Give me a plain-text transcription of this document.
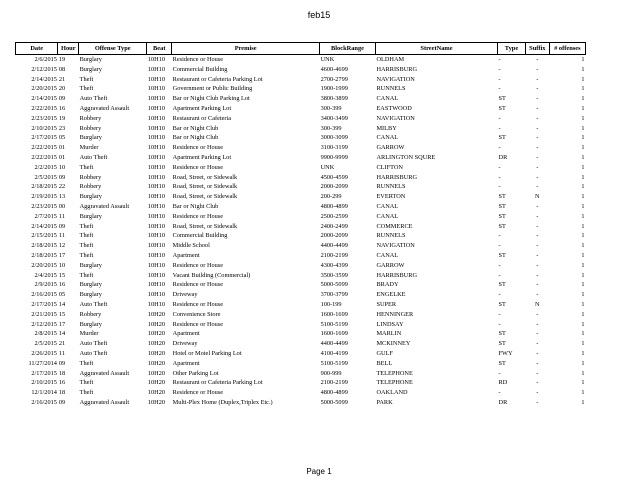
feb15
Date	Hour	Offense Type	Beat	Premise	BlockRange	StreetName	Type	Suffix	# offenses
2/6/2015	19	Burglary	10H10	Residence or House	UNK	OLDHAM	-	-	1
2/12/2015	08	Burglary	10H10	Commercial Building	4600-4699	HARRISBURG	-	-	1
2/14/2015	21	Theft	10H10	Restaurant or Cafeteria Parking Lot	2700-2799	NAVIGATION	-	-	1
2/20/2015	20	Theft	10H10	Government or Public Building	1900-1999	RUNNELS	-	-	1
2/14/2015	09	Auto Theft	10H10	Bar or Night Club Parking Lot	3800-3899	CANAL	ST	-	1
2/22/2015	16	Aggravated Assault	10H10	Apartment Parking Lot	300-399	EASTWOOD	ST	-	1
2/23/2015	19	Robbery	10H10	Restaurant or Cafeteria	3400-3499	NAVIGATION	-	-	1
2/10/2015	23	Robbery	10H10	Bar or Night Club	300-399	MILBY	-	-	1
2/17/2015	05	Burglary	10H10	Bar or Night Club	3000-3099	CANAL	ST	-	1
2/22/2015	01	Murder	10H10	Residence or House	3100-3199	GARROW	-	-	1
2/22/2015	01	Auto Theft	10H10	Apartment Parking Lot	9900-9999	ARLINGTON SQURE	DR	-	1
2/2/2015	10	Theft	10H10	Residence or House	UNK	CLIFTON	-	-	1
2/5/2015	09	Robbery	10H10	Road, Street, or Sidewalk	4500-4599	HARRISBURG	-	-	1
2/18/2015	22	Robbery	10H10	Road, Street, or Sidewalk	2000-2099	RUNNELS	-	-	1
2/19/2015	13	Burglary	10H10	Road, Street, or Sidewalk	200-299	EVERTON	ST	N	1
2/23/2015	00	Aggravated Assault	10H10	Bar or Night Club	4800-4899	CANAL	ST	-	1
2/7/2015	11	Burglary	10H10	Residence or House	2500-2599	CANAL	ST	-	1
2/14/2015	09	Theft	10H10	Road, Street, or Sidewalk	2400-2499	COMMERCE	ST	-	1
2/15/2015	11	Theft	10H10	Commercial Building	2000-2099	RUNNELS	-	-	1
2/18/2015	12	Theft	10H10	Middle School	4400-4499	NAVIGATION	-	-	1
2/18/2015	17	Theft	10H10	Apartment	2100-2199	CANAL	ST	-	1
2/20/2015	10	Burglary	10H10	Residence or House	4300-4399	GARROW	-	-	1
2/4/2015	15	Theft	10H10	Vacant Building (Commercial)	3500-3599	HARRISBURG	-	-	1
2/9/2015	16	Burglary	10H10	Residence or House	5000-5099	BRADY	ST	-	1
2/16/2015	05	Burglary	10H10	Driveway	3700-3799	ENGELKE	-	-	1
2/17/2015	14	Auto Theft	10H10	Residence or House	100-199	SUPER	ST	N	1
2/21/2015	15	Robbery	10H20	Convenience Store	1600-1699	HENNINGER	-	-	1
2/12/2015	17	Burglary	10H20	Residence or House	5100-5199	LINDSAY	-	-	1
2/8/2015	14	Murder	10H20	Apartment	1600-1699	MARLIN	ST	-	1
2/5/2015	21	Auto Theft	10H20	Driveway	4400-4499	MCKINNEY	ST	-	1
2/26/2015	11	Auto Theft	10H20	Hotel or Motel Parking Lot	4100-4199	GULF	FWY	-	1
11/27/2014	09	Theft	10H20	Apartment	5100-5199	BELL	ST	-	1
2/17/2015	18	Aggravated Assault	10H20	Other Parking Lot	900-999	TELEPHONE	-	-	1
2/10/2015	16	Theft	10H20	Restaurant or Cafeteria Parking Lot	2100-2199	TELEPHONE	RD	-	1
12/1/2014	18	Theft	10H20	Residence or House	4800-4899	OAKLAND	-	-	1
2/16/2015	09	Aggravated Assault	10H20	Multi-Plex Home (Duplex,Triplex Etc.)	5000-5099	PARK	DR	-	1
Page 1
